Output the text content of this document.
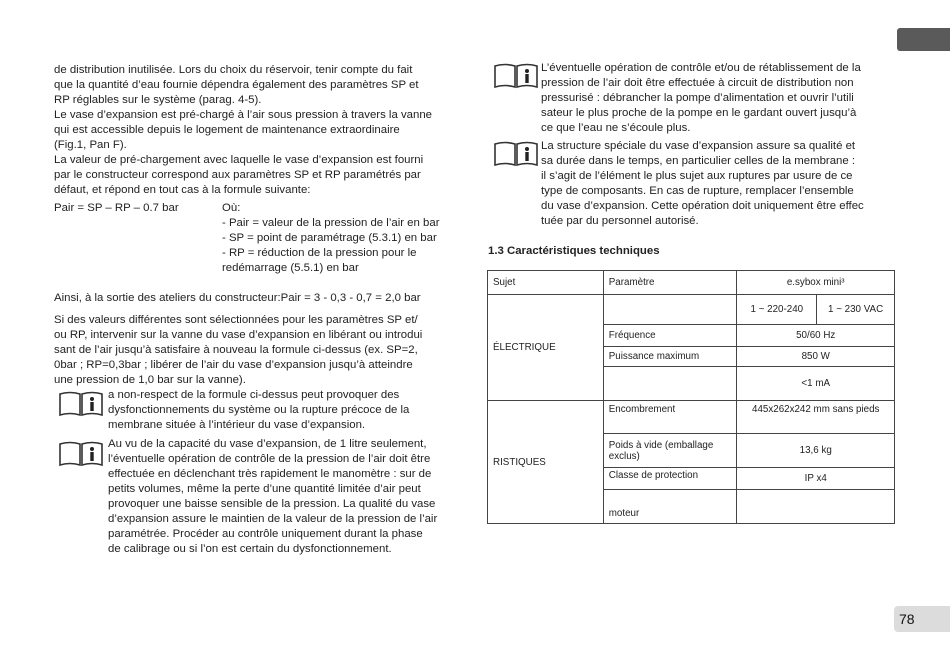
de distribution inutilisée. Lors du choix du réservoir, tenir compte du fait
que la quantité d’eau fournie dépendra également des paramètres SP et
RP réglables sur le système (parag. 4-5).
Le vase d’expansion est pré-chargé à l’air sous pression à travers la vanne
qui est accessible depuis le logement de maintenance extraordinaire
(Fig.1, Pan F).
La valeur de pré-chargement avec laquelle le vase d’expansion est fourni
par le constructeur correspond aux paramètres SP et RP paramétrés par
défaut, et répond en tout cas à la formule suivante:
Pair = SP – RP – 0.7 bar	Où:
- Pair = valeur de la pression de l’air en bar
- SP = point de paramétrage (5.3.1) en bar
- RP = réduction de la pression pour le
redémarrage (5.5.1) en bar
Ainsi, à la sortie des ateliers du constructeur:Pair = 3 - 0,3 - 0,7 = 2,0 bar
Si des valeurs différentes sont sélectionnées pour les paramètres SP et/
ou RP, intervenir sur la vanne du vase d’expansion en libérant ou introdui
sant de l’air jusqu’à satisfaire à nouveau la formule ci-dessus (ex. SP=2,
0bar ; RP=0,3bar ; libérer de l’air du vase d’expansion jusqu’à atteindre
une pression de 1,0 bar sur la vanne).
a non-respect de la formule ci-dessus peut provoquer des
dysfonctionnements du système ou la rupture précoce de la
membrane située à l’intérieur du vase d’expansion.
Au vu de la capacité du vase d’expansion, de 1 litre seulement,
l’éventuelle opération de contrôle de la pression de l’air doit être
effectuée en déclenchant très rapidement le manomètre : sur de
petits volumes, même la perte d’une quantité limitée d’air peut
provoquer une baisse sensible de la pression. La qualité du vase
d’expansion assure le maintien de la valeur de la pression de l’air
paramétrée. Procéder au contrôle uniquement durant la phase
de calibrage ou si l’on est certain du dysfonctionnement.
L’éventuelle opération de contrôle et/ou de rétablissement de la
pression de l’air doit être effectuée à circuit de distribution non
pressurisé : débrancher la pompe d’alimentation et ouvrir l’utili
sateur le plus proche de la pompe en le gardant ouvert jusqu’à
ce que l’eau ne s’écoule plus.
La structure spéciale du vase d’expansion assure sa qualité et
sa durée dans le temps, en particulier celles de la membrane :
il s’agit de l’élément le plus sujet aux ruptures par usure de ce
type de composants. En cas de rupture, remplacer l’ensemble
du vase d’expansion. Cette opération doit uniquement être effec
tuée par du personnel autorisé.
1.3 Caractéristiques techniques
Sujet	Paramètre	e.sybox mini³	
ÉLECTRIQUE		1 ~ 220-240	1 ~ 230 VAC
	Fréquence	50/60 Hz	
	Puissance maximum	850 W	
		<1 mA	
RISTIQUES	Encombrement	445x262x242 mm sans pieds	
	Poids à vide (emballage exclus)	13,6 kg	
	Classe de protection	IP x4	
	moteur		
78
